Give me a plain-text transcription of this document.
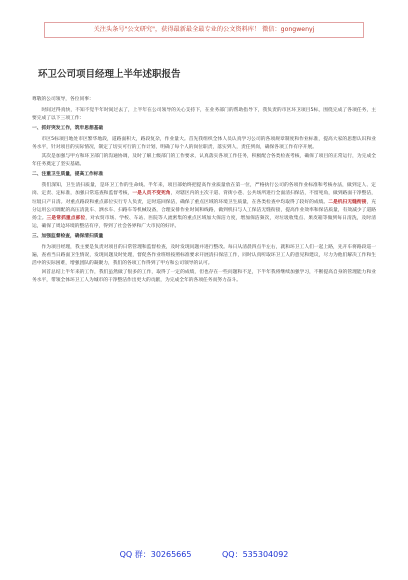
关注头条号"公文研究"，获得最新最全最专业的公文资料库！ 微信：gongwenyj
环卫公司项目经理上半年述职报告

尊敬的公司领导，各位同事：

时间过得真快，不知不觉半年时间过去了，上半年在公司领导的关心支持下，在业务部门的帮助指导下，我负责的市区环卫项目5标，围绕完成了各项任务，主要完成了以下三项工作：

一、抓好突发工作，筑牢思想基础

市区5标项目地处市区繁华地段，道路面积大，路段复杂，作业量大。首先我组织全体人员认真学习公司的各项规章制度和作业标准，提高大家的思想认识和业务水平，针对项目的实际情况，制定了切实可行的工作计划，明确了每个人的岗位职责，落实到人，责任到岗，确保各项工作有序开展。

其次是加强与甲方和环卫部门的沟通协调，及时了解上级部门的工作要求，认真落实各项工作任务，积极配合各类检查考核，确保了项目的正常运行，为完成全年任务奠定了坚实基础。

二、注重卫生质量，提高工作标准

我们深知，卫生清扫质量，是环卫工作的生命线。半年来，项目部始终把提高作业质量放在第一位，严格执行公司的各项作业标准和考核办法，做到定人、定岗、定责、定标准，加强日常巡查和监督考核，一是人员不变死角，对辖区内的主次干道、背街小巷、公共场所进行全面清扫保洁，不留死角，做到路面干净整洁，垃圾日产日清。对重点路段和重点部位实行专人负责，定时巡回保洁，确保了重点区域的环境卫生质量，在各类检查中均取得了较好的成绩。二是机扫无缝衔接，充分运用公司调配的高压清洗车、洒水车、扫路车等机械设备，合理安排作业时间和线路，做到机扫与人工保洁无缝衔接，提高作业效率和保洁质量，有效减少了道路扬尘。三是常抓重点部位，对农贸市场、学校、车站、医院等人流密集的重点区域加大保洁力度，增加保洁频次，对垃圾收集点、果皮箱等做到每日清洗，及时清运，确保了周边环境的整洁有序，得到了社会各界和广大市民的好评。

三、加强监督检查，确保清扫质量

作为项目经理，我主要是负责对项目的日常管理和监督检查，及时发现问题并进行整改。每日从清晨四点半左右，就和环卫工人们一起上路，先开车将路段巡一遍，查看当日路面卫生情况，发现问题及时处理，督促各作业班组按照标准要求开展清扫保洁工作，同时认真听取环卫工人的意见和建议，尽力为他们解决工作和生活中的实际困难，增强团队的凝聚力，我们的各项工作得到了甲方和公司领导的认可。

回首总结上半年来的工作，我们虽然做了很多的工作，取得了一定的成绩，但也存在一些问题和不足，下半年我将继续加强学习，不断提高自身的管理能力和业务水平，带领全体环卫工人为城市的干净整洁作出更大的贡献，为完成全年的各项任务而努力奋斗。

QQ 群：30265665	QQ：535304092
